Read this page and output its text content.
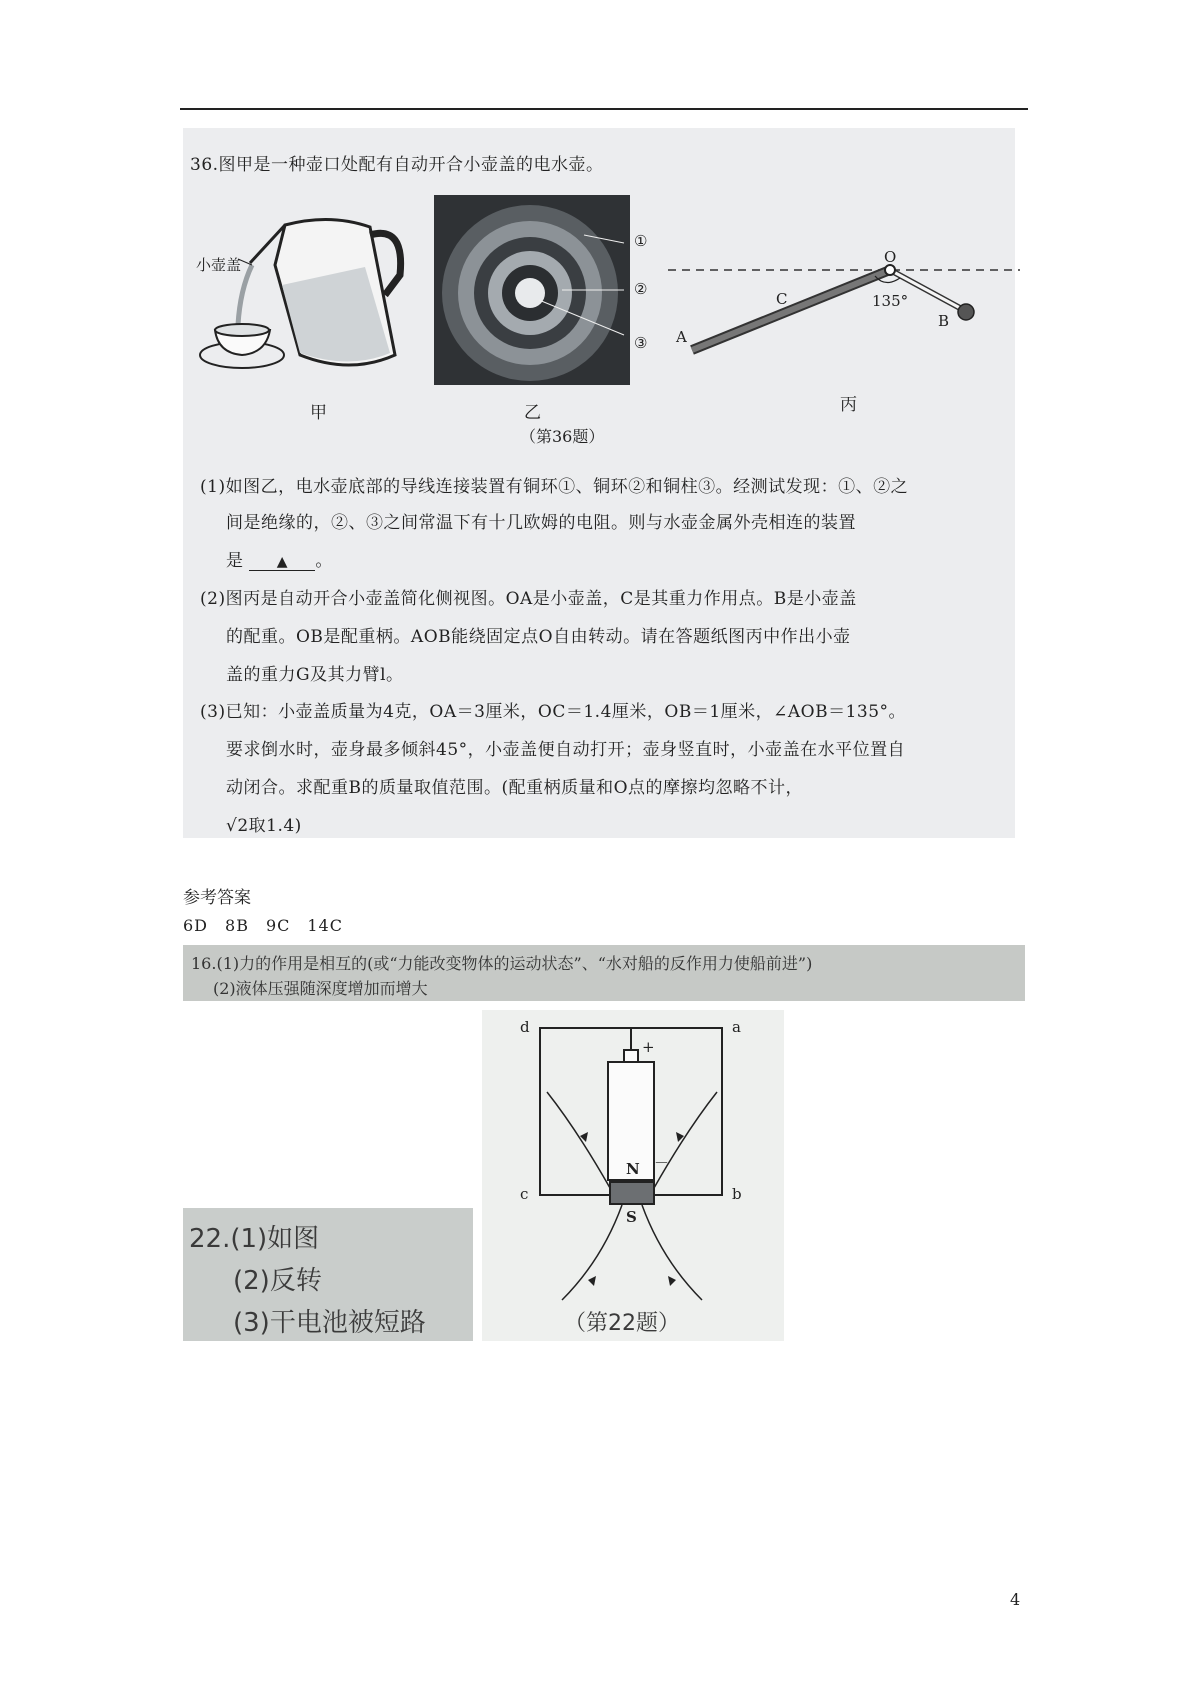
36.图甲是一种壶口处配有自动开合小壶盖的电水壶。
小壶盖
①
②
③
O
C
A
B
135°
甲	乙	丙
（第36题）
(1)如图乙，电水壶底部的导线连接装置有铜环①、铜环②和铜柱③。经测试发现：①、②之
间是绝缘的，②、③之间常温下有十几欧姆的电阻。则与水壶金属外壳相连的装置
是 ▲ 。
(2)图丙是自动开合小壶盖简化侧视图。OA是小壶盖，C是其重力作用点。B是小壶盖
的配重。OB是配重柄。AOB能绕固定点O自由转动。请在答题纸图丙中作出小壶
盖的重力G及其力臂l。
(3)已知：小壶盖质量为4克，OA＝3厘米，OC＝1.4厘米，OB＝1厘米，∠AOB＝135°。
要求倒水时，壶身最多倾斜45°，小壶盖便自动打开；壶身竖直时，小壶盖在水平位置自
动闭合。求配重B的质量取值范围。(配重柄质量和O点的摩擦均忽略不计，
√2取1.4)
参考答案
6D　8B　9C　14C
16.(1)力的作用是相互的(或“力能改变物体的运动状态”、“水对船的反作用力使船前进”)
(2)液体压强随深度增加而增大
22.(1)如图
(2)反转
(3)干电池被短路
d	a
c	b
+
－
N
S
（第22题）
4
